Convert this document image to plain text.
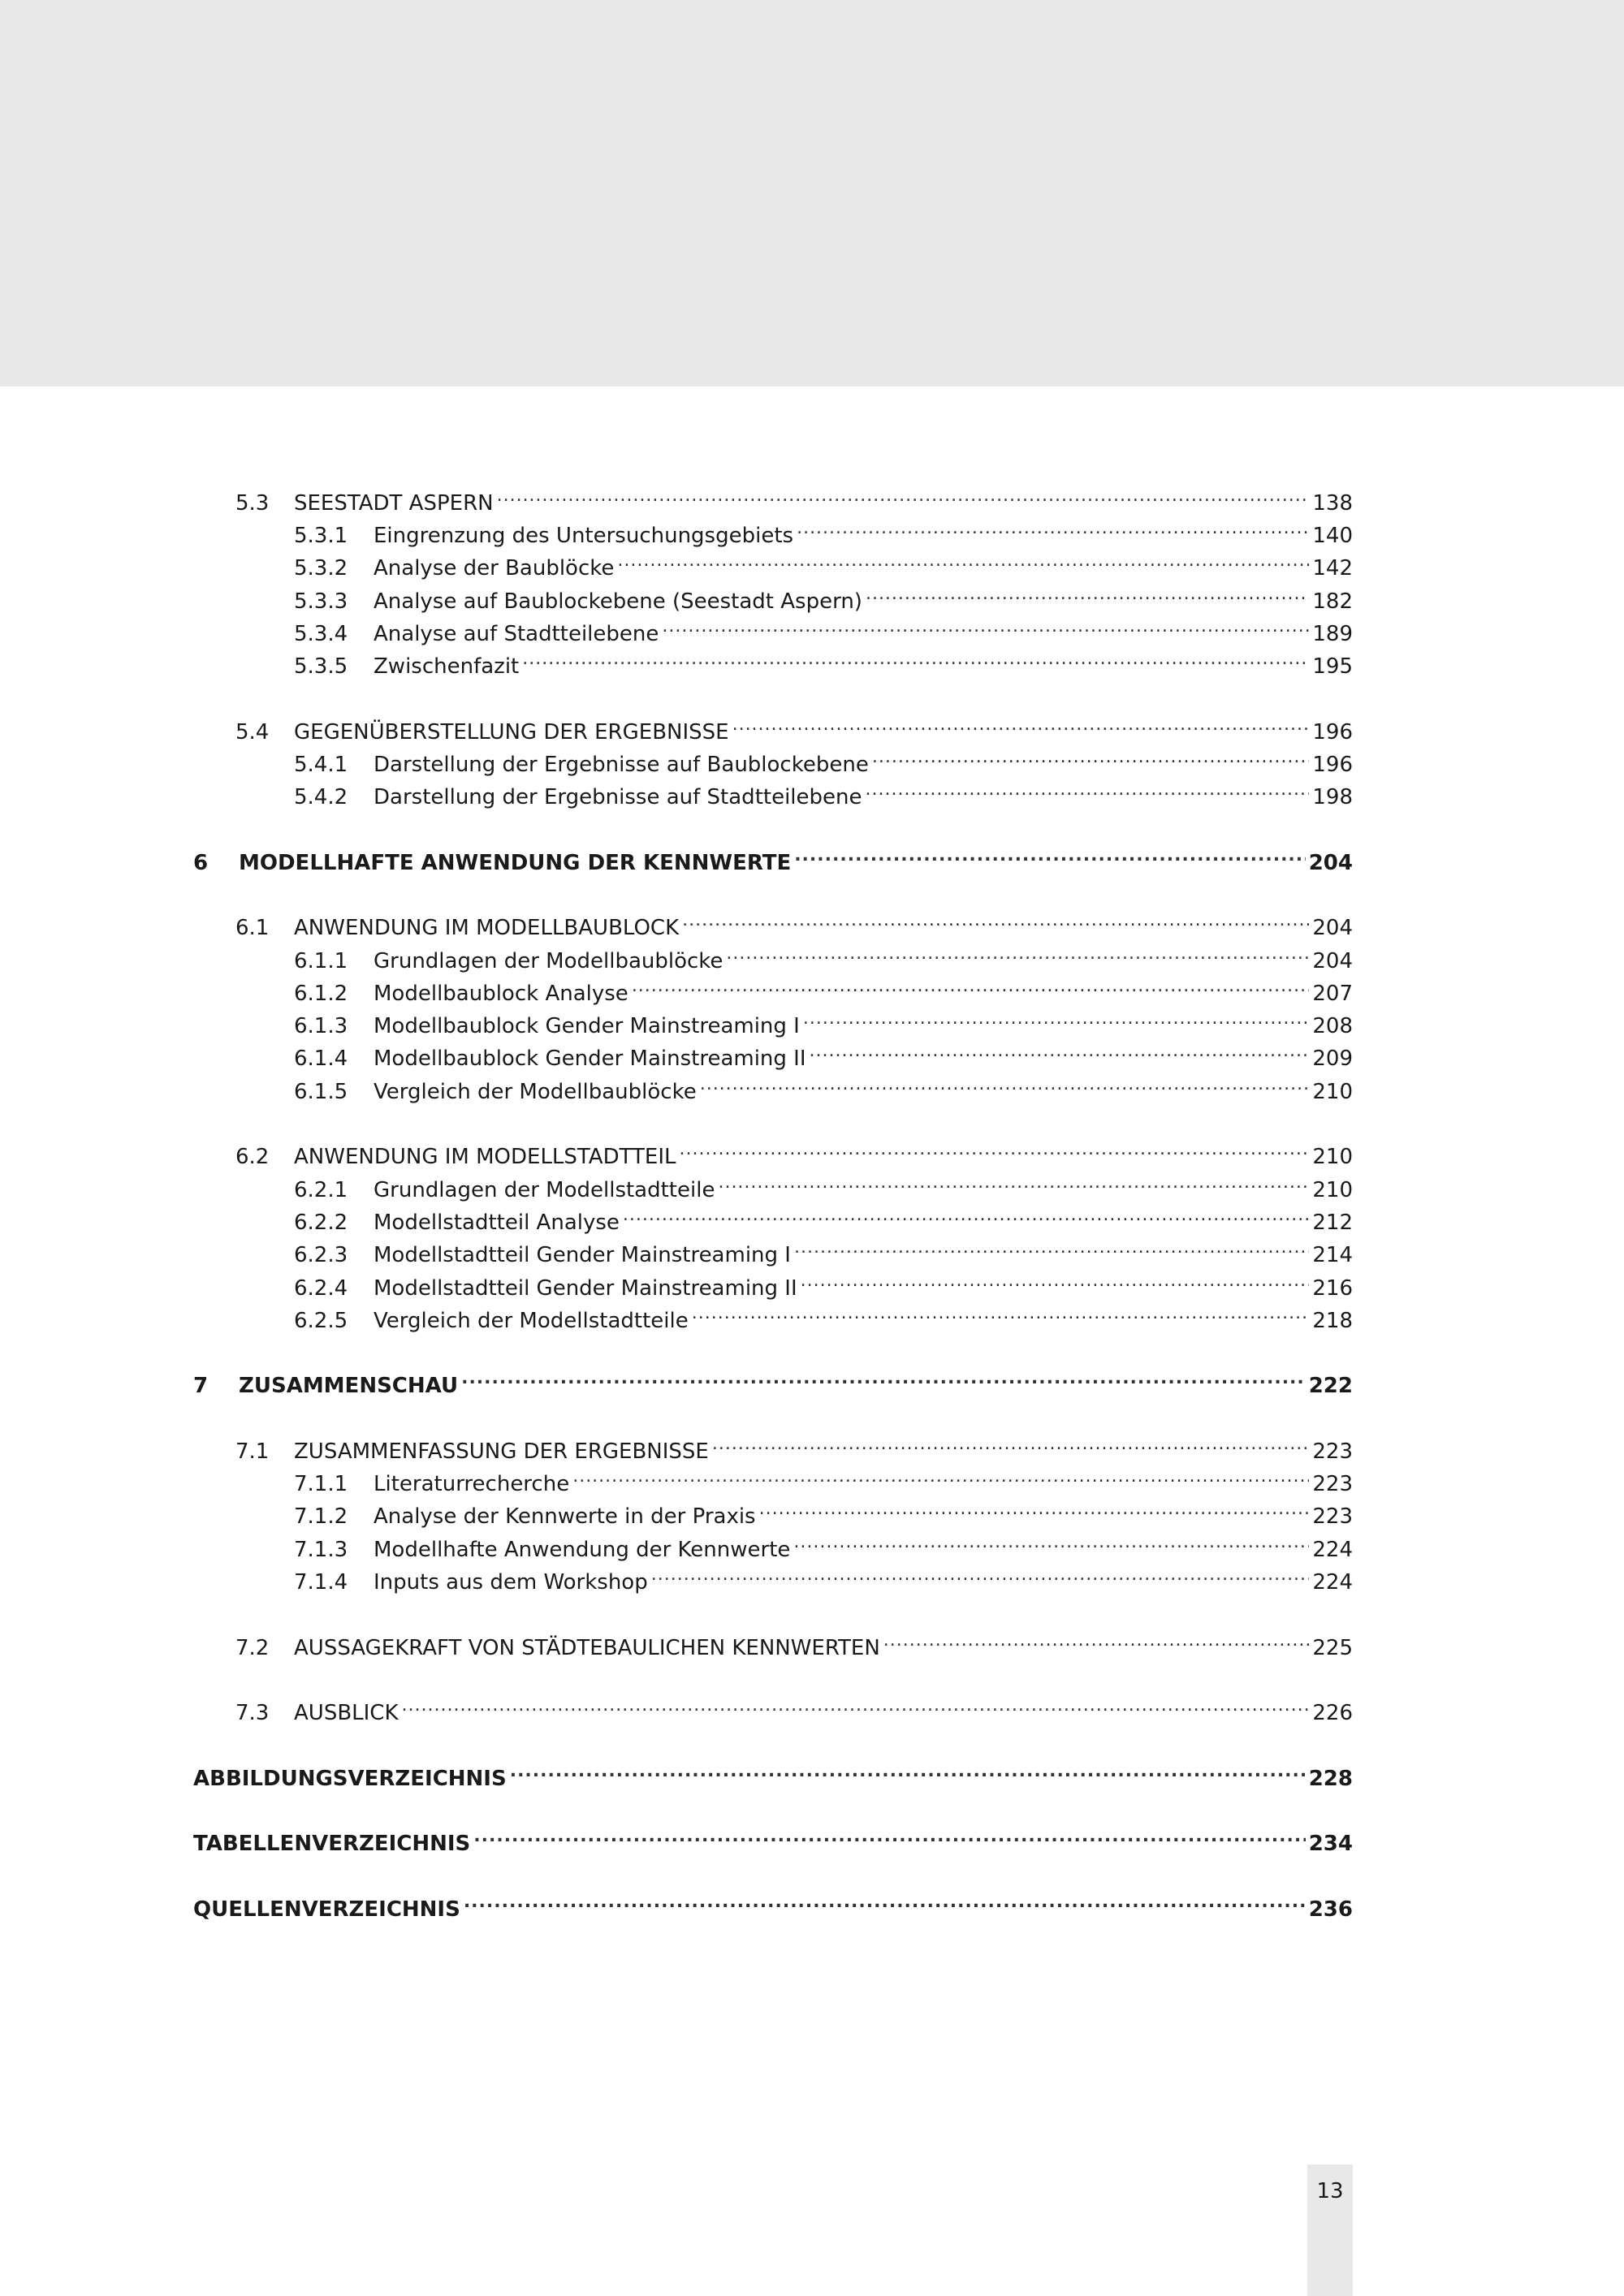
5.3	SEESTADT ASPERN .....	138
5.3.1	Eingrenzung des Untersuchungsgebiets .....	140
5.3.2	Analyse der Baublöcke .....	142
5.3.3	Analyse auf Baublockebene (Seestadt Aspern) .....	182
5.3.4	Analyse auf Stadtteilebene .....	189
5.3.5	Zwischenfazit .....	195
5.4	GEGENÜBERSTELLUNG DER ERGEBNISSE .....	196
5.4.1	Darstellung der Ergebnisse auf Baublockebene .....	196
5.4.2	Darstellung der Ergebnisse auf Stadtteilebene .....	198
6	MODELLHAFTE ANWENDUNG DER KENNWERTE .....	204
6.1	ANWENDUNG IM MODELLBAUBLOCK .....	204
6.1.1	Grundlagen der Modellbaublöcke .....	204
6.1.2	Modellbaublock Analyse .....	207
6.1.3	Modellbaublock Gender Mainstreaming I .....	208
6.1.4	Modellbaublock Gender Mainstreaming II .....	209
6.1.5	Vergleich der Modellbaublöcke .....	210
6.2	ANWENDUNG IM MODELLSTADTTEIL .....	210
6.2.1	Grundlagen der Modellstadtteile .....	210
6.2.2	Modellstadtteil Analyse .....	212
6.2.3	Modellstadtteil Gender Mainstreaming I .....	214
6.2.4	Modellstadtteil Gender Mainstreaming II .....	216
6.2.5	Vergleich der Modellstadtteile .....	218
7	ZUSAMMENSCHAU .....	222
7.1	ZUSAMMENFASSUNG DER ERGEBNISSE .....	223
7.1.1	Literaturrecherche .....	223
7.1.2	Analyse der Kennwerte in der Praxis .....	223
7.1.3	Modellhafte Anwendung der Kennwerte .....	224
7.1.4	Inputs aus dem Workshop .....	224
7.2	AUSSAGEKRAFT VON STÄDTEBAULICHEN KENNWERTEN .....	225
7.3	AUSBLICK .....	226
ABBILDUNGSVERZEICHNIS .....	228
TABELLENVERZEICHNIS .....	234
QUELLENVERZEICHNIS .....	236
13
